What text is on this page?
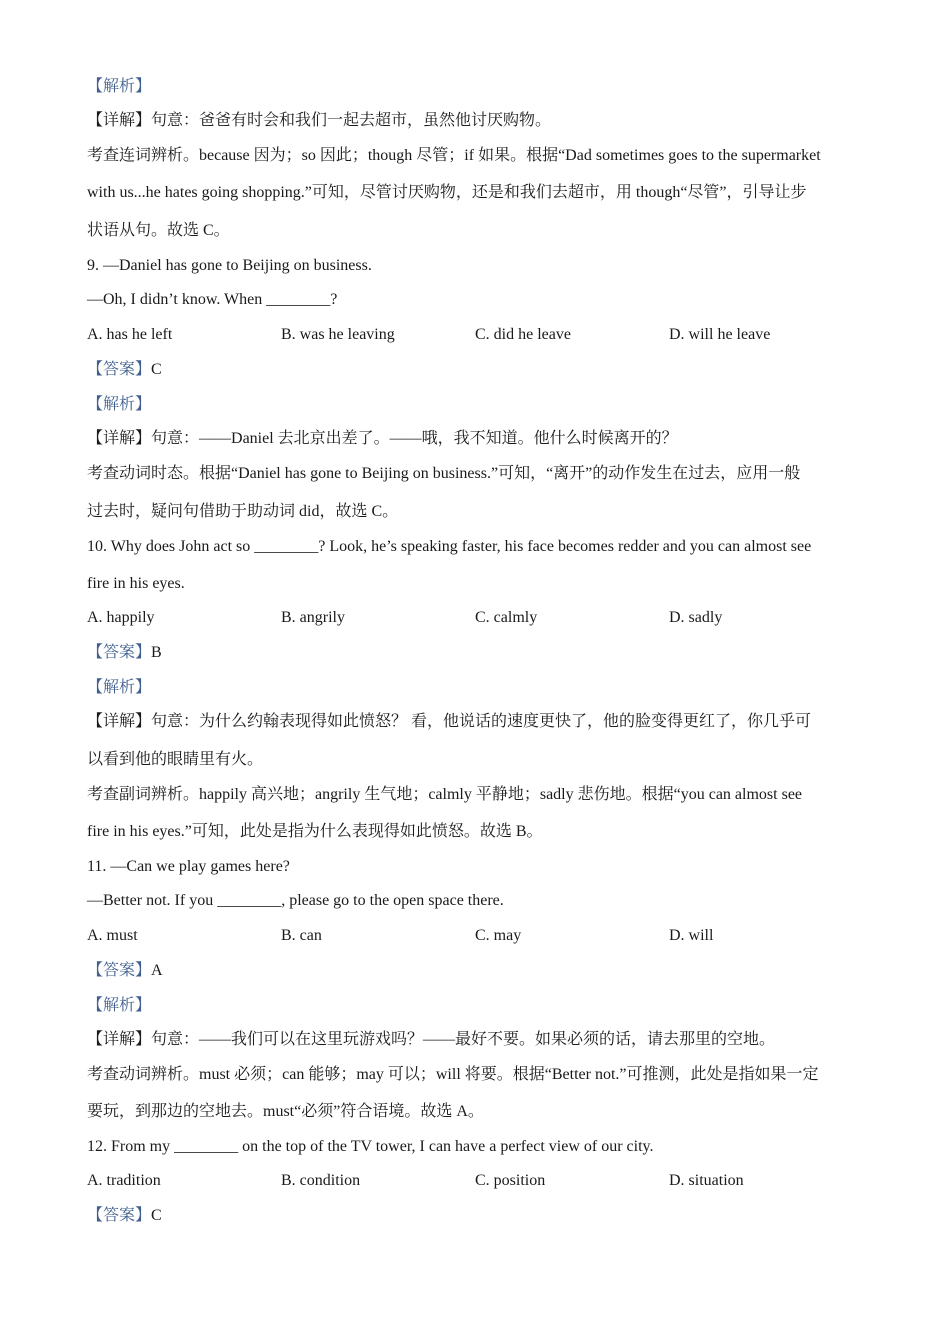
【解析】
【详解】句意：爸爸有时会和我们一起去超市，虽然他讨厌购物。
考查连词辨析。because 因为；so 因此；though 尽管；if 如果。根据“Dad sometimes goes to the supermarket
with us...he hates going shopping.”可知，尽管讨厌购物，还是和我们去超市，用 though“尽管”，引导让步
状语从句。故选 C。
9. —Daniel has gone to Beijing on business.
—Oh, I didn’t know. When ________?
A. has he left	B. was he leaving	C. did he leave	D. will he leave
【答案】C
【解析】
【详解】句意：——Daniel 去北京出差了。——哦，我不知道。他什么时候离开的？
考查动词时态。根据“Daniel has gone to Beijing on business.”可知，“离开”的动作发生在过去，应用一般
过去时，疑问句借助于助动词 did，故选 C。
10. Why does John act so ________? Look, he’s speaking faster, his face becomes redder and you can almost see
fire in his eyes.
A. happily	B. angrily	C. calmly	D. sadly
【答案】B
【解析】
【详解】句意：为什么约翰表现得如此愤怒？ 看，他说话的速度更快了，他的脸变得更红了，你几乎可
以看到他的眼睛里有火。
考查副词辨析。happily 高兴地；angrily 生气地；calmly 平静地；sadly 悲伤地。根据“you can almost see
fire in his eyes.”可知，此处是指为什么表现得如此愤怒。故选 B。
11. —Can we play games here?
—Better not. If you ________, please go to the open space there.
A. must	B. can	C. may	D. will
【答案】A
【解析】
【详解】句意：——我们可以在这里玩游戏吗？——最好不要。如果必须的话，请去那里的空地。
考查动词辨析。must 必须；can 能够；may 可以；will 将要。根据“Better not.”可推测，此处是指如果一定
要玩，到那边的空地去。must“必须”符合语境。故选 A。
12. From my ________ on the top of the TV tower, I can have a perfect view of our city.
A. tradition	B. condition	C. position	D. situation
【答案】C
